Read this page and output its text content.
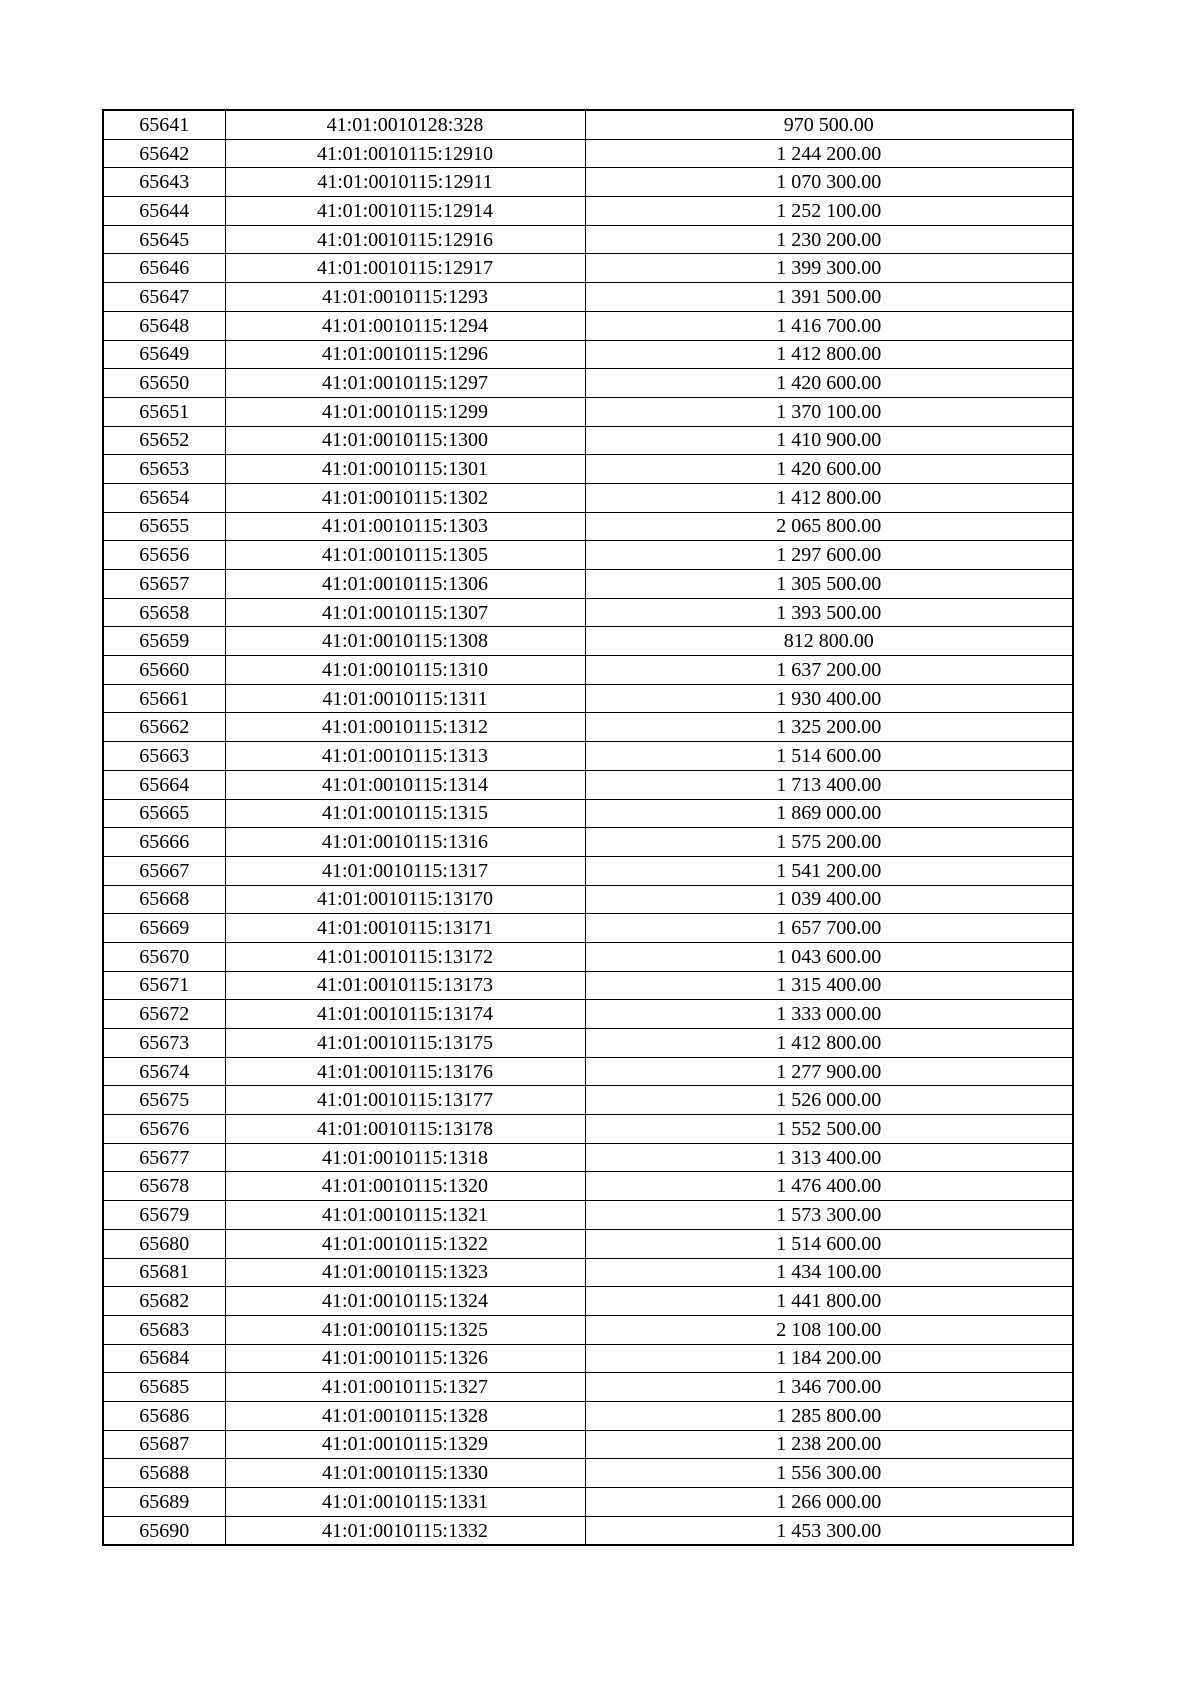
65641	41:01:0010128:328	970 500.00
65642	41:01:0010115:12910	1 244 200.00
65643	41:01:0010115:12911	1 070 300.00
65644	41:01:0010115:12914	1 252 100.00
65645	41:01:0010115:12916	1 230 200.00
65646	41:01:0010115:12917	1 399 300.00
65647	41:01:0010115:1293	1 391 500.00
65648	41:01:0010115:1294	1 416 700.00
65649	41:01:0010115:1296	1 412 800.00
65650	41:01:0010115:1297	1 420 600.00
65651	41:01:0010115:1299	1 370 100.00
65652	41:01:0010115:1300	1 410 900.00
65653	41:01:0010115:1301	1 420 600.00
65654	41:01:0010115:1302	1 412 800.00
65655	41:01:0010115:1303	2 065 800.00
65656	41:01:0010115:1305	1 297 600.00
65657	41:01:0010115:1306	1 305 500.00
65658	41:01:0010115:1307	1 393 500.00
65659	41:01:0010115:1308	812 800.00
65660	41:01:0010115:1310	1 637 200.00
65661	41:01:0010115:1311	1 930 400.00
65662	41:01:0010115:1312	1 325 200.00
65663	41:01:0010115:1313	1 514 600.00
65664	41:01:0010115:1314	1 713 400.00
65665	41:01:0010115:1315	1 869 000.00
65666	41:01:0010115:1316	1 575 200.00
65667	41:01:0010115:1317	1 541 200.00
65668	41:01:0010115:13170	1 039 400.00
65669	41:01:0010115:13171	1 657 700.00
65670	41:01:0010115:13172	1 043 600.00
65671	41:01:0010115:13173	1 315 400.00
65672	41:01:0010115:13174	1 333 000.00
65673	41:01:0010115:13175	1 412 800.00
65674	41:01:0010115:13176	1 277 900.00
65675	41:01:0010115:13177	1 526 000.00
65676	41:01:0010115:13178	1 552 500.00
65677	41:01:0010115:1318	1 313 400.00
65678	41:01:0010115:1320	1 476 400.00
65679	41:01:0010115:1321	1 573 300.00
65680	41:01:0010115:1322	1 514 600.00
65681	41:01:0010115:1323	1 434 100.00
65682	41:01:0010115:1324	1 441 800.00
65683	41:01:0010115:1325	2 108 100.00
65684	41:01:0010115:1326	1 184 200.00
65685	41:01:0010115:1327	1 346 700.00
65686	41:01:0010115:1328	1 285 800.00
65687	41:01:0010115:1329	1 238 200.00
65688	41:01:0010115:1330	1 556 300.00
65689	41:01:0010115:1331	1 266 000.00
65690	41:01:0010115:1332	1 453 300.00
